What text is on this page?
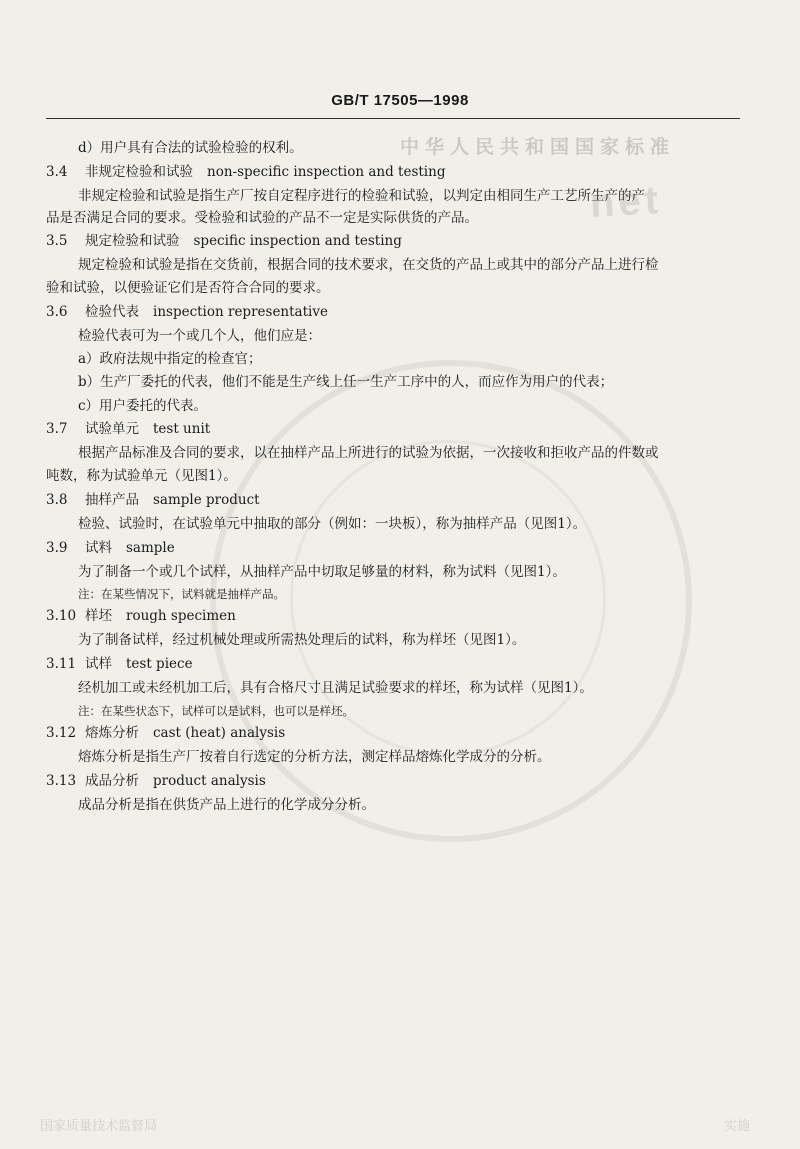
中华人民共和国国家标准
net
GB/T 17505—1998
d）用户具有合法的试验检验的权利。
3.4 非规定检验和试验 non-specific inspection and testing
非规定检验和试验是指生产厂按自定程序进行的检验和试验，以判定由相同生产工艺所生产的产
品是否满足合同的要求。受检验和试验的产品不一定是实际供货的产品。
3.5 规定检验和试验 specific inspection and testing
规定检验和试验是指在交货前，根据合同的技术要求，在交货的产品上或其中的部分产品上进行检
验和试验，以便验证它们是否符合合同的要求。
3.6 检验代表 inspection representative
检验代表可为一个或几个人，他们应是：
a）政府法规中指定的检查官；
b）生产厂委托的代表，他们不能是生产线上任一生产工序中的人，而应作为用户的代表；
c）用户委托的代表。
3.7 试验单元 test unit
根据产品标准及合同的要求，以在抽样产品上所进行的试验为依据，一次接收和拒收产品的件数或
吨数，称为试验单元（见图1）。
3.8 抽样产品 sample product
检验、试验时，在试验单元中抽取的部分（例如：一块板），称为抽样产品（见图1）。
3.9 试料 sample
为了制备一个或几个试样，从抽样产品中切取足够量的材料，称为试料（见图1）。
注：在某些情况下，试料就是抽样产品。
3.10 样坯 rough specimen
为了制备试样，经过机械处理或所需热处理后的试料，称为样坯（见图1）。
3.11 试样 test piece
经机加工或未经机加工后，具有合格尺寸且满足试验要求的样坯，称为试样（见图1）。
注：在某些状态下，试样可以是试料，也可以是样坯。
3.12 熔炼分析 cast (heat) analysis
熔炼分析是指生产厂按着自行选定的分析方法，测定样品熔炼化学成分的分析。
3.13 成品分析 product analysis
成品分析是指在供货产品上进行的化学成分分析。
国家质量技术监督局	实施
